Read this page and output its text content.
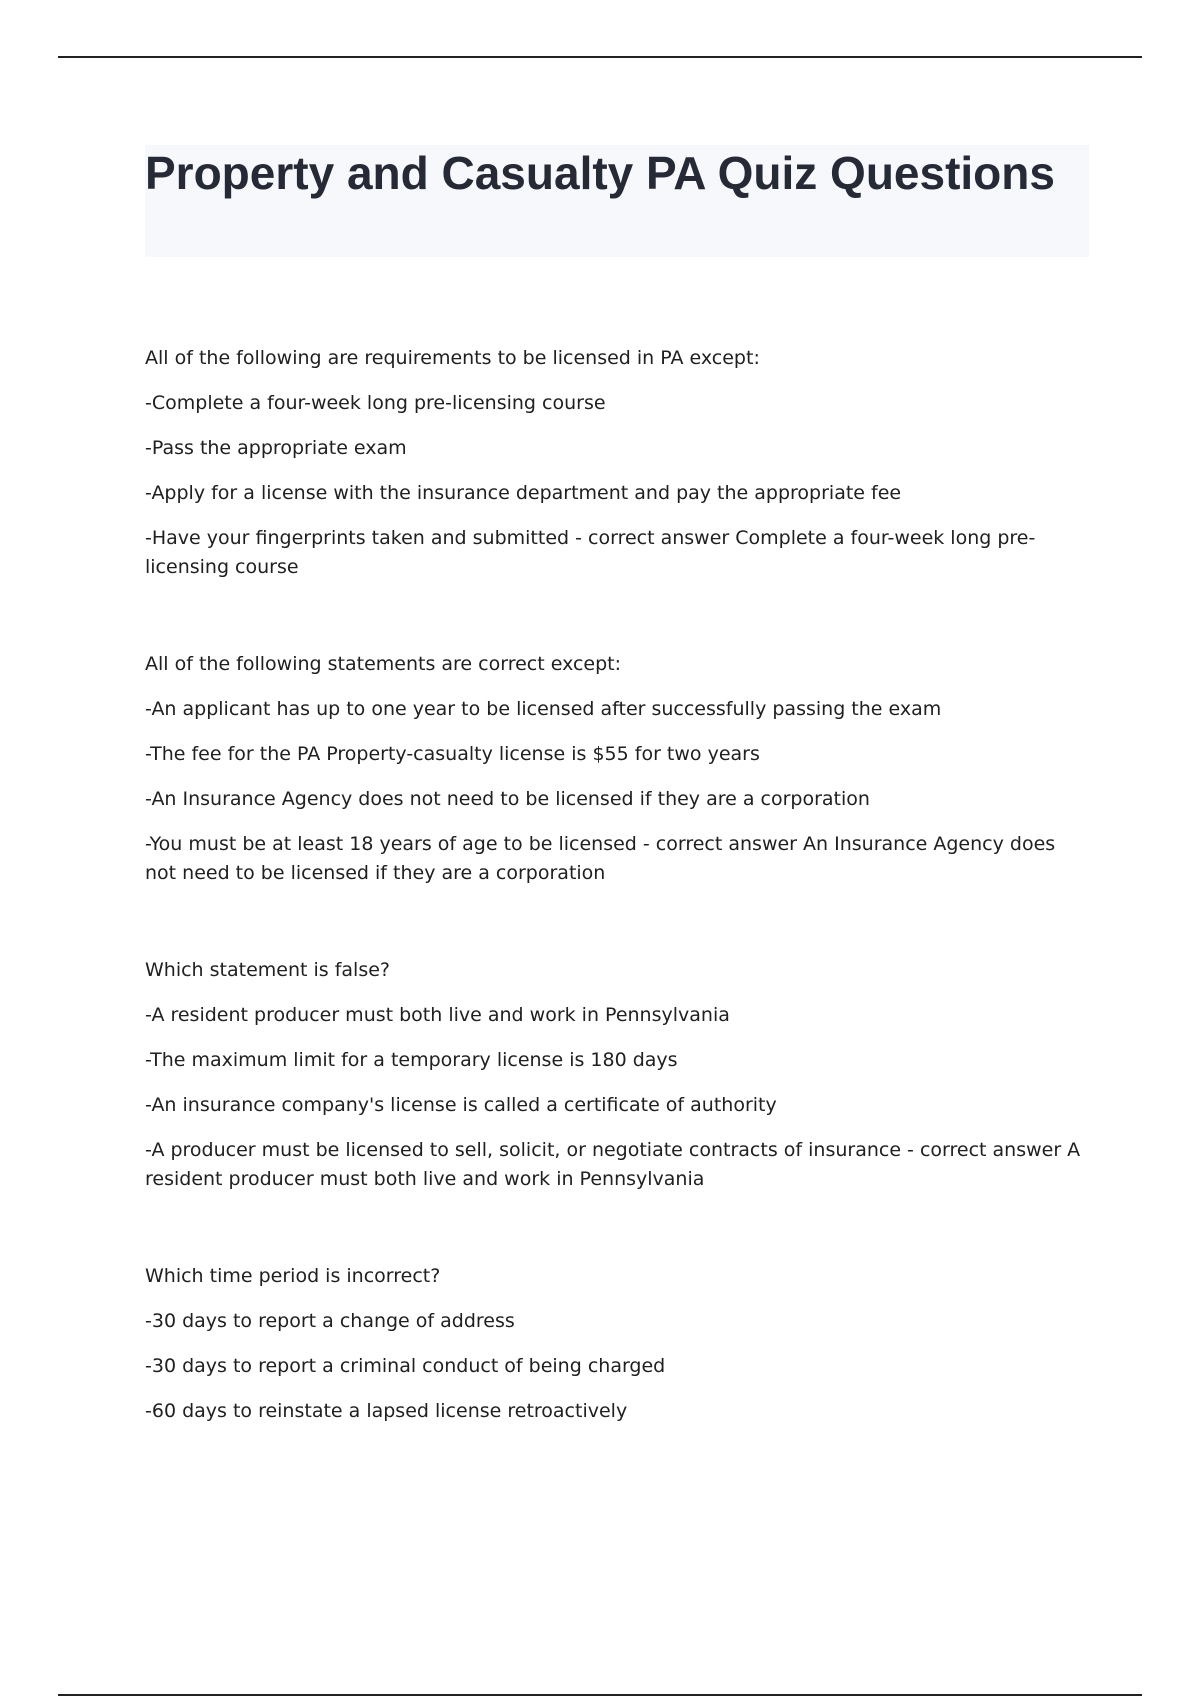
Property and Casualty PA Quiz Questions
All of the following are requirements to be licensed in PA except:
-Complete a four-week long pre-licensing course
-Pass the appropriate exam
-Apply for a license with the insurance department and pay the appropriate fee
-Have your fingerprints taken and submitted - correct answer Complete a four-week long pre-licensing course
All of the following statements are correct except:
-An applicant has up to one year to be licensed after successfully passing the exam
-The fee for the PA Property-casualty license is $55 for two years
-An Insurance Agency does not need to be licensed if they are a corporation
-You must be at least 18 years of age to be licensed - correct answer An Insurance Agency does not need to be licensed if they are a corporation
Which statement is false?
-A resident producer must both live and work in Pennsylvania
-The maximum limit for a temporary license is 180 days
-An insurance company's license is called a certificate of authority
-A producer must be licensed to sell, solicit, or negotiate contracts of insurance - correct answer A resident producer must both live and work in Pennsylvania
Which time period is incorrect?
-30 days to report a change of address
-30 days to report a criminal conduct of being charged
-60 days to reinstate a lapsed license retroactively
